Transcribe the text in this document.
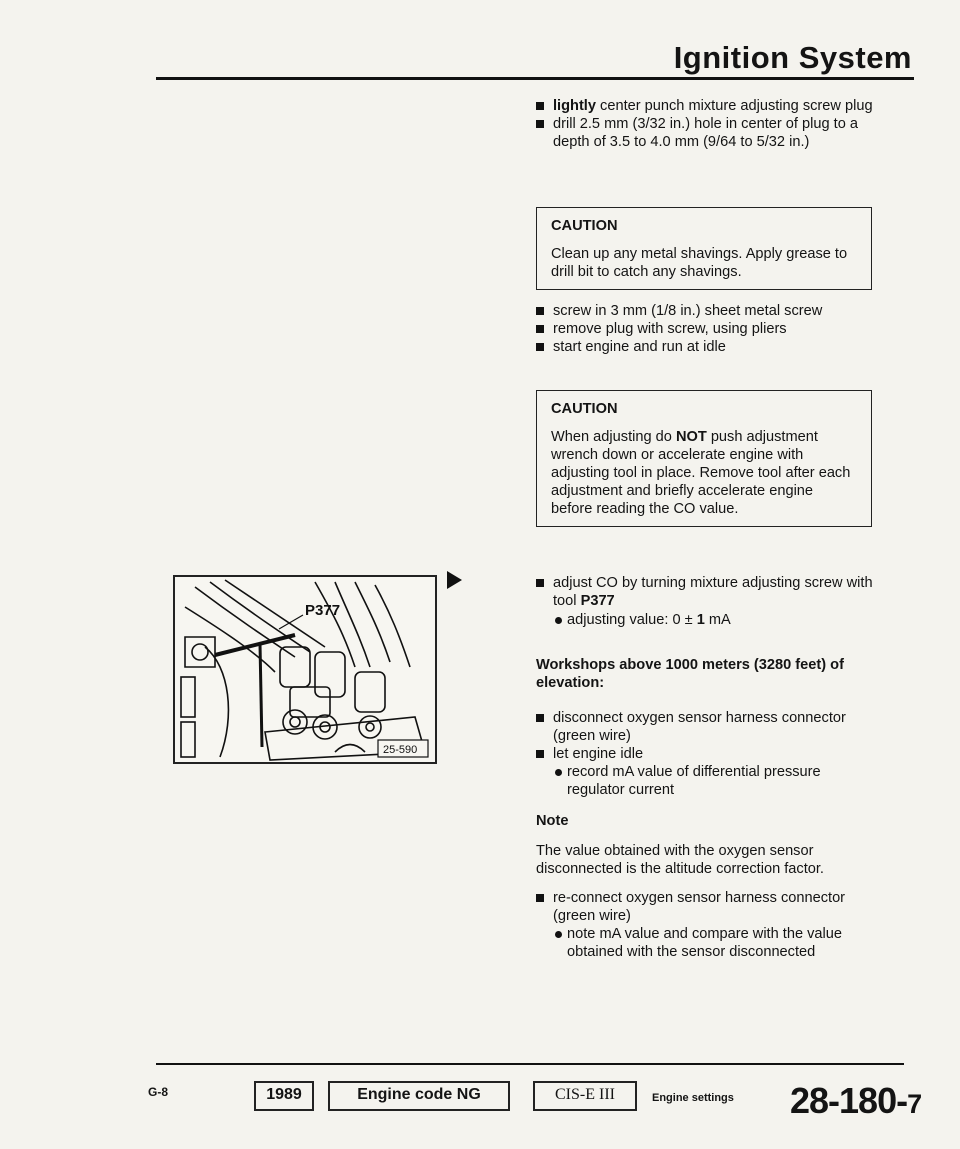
Ignition System
lightly center punch mixture adjusting screw plug
drill 2.5 mm (3/32 in.) hole in center of plug to a depth of 3.5 to 4.0 mm (9/64 to 5/32 in.)
CAUTION
Clean up any metal shavings. Apply grease to drill bit to catch any shavings.
screw in 3 mm (1/8 in.) sheet metal screw
remove plug with screw, using pliers
start engine and run at idle
CAUTION
When adjusting do NOT push adjustment wrench down or accelerate engine with adjusting tool in place. Remove tool after each adjustment and briefly accelerate engine before reading the CO value.
P377
25-590
adjust CO by turning mixture adjusting screw with tool P377
adjusting value: 0 ± 1 mA
Workshops above 1000 meters (3280 feet) of elevation:
disconnect oxygen sensor harness connector (green wire)
let engine idle
record mA value of differential pressure regulator current
Note
The value obtained with the oxygen sensor disconnected is the altitude correction factor.
re-connect oxygen sensor harness connector (green wire)
note mA value and compare with the value obtained with the sensor disconnected
G-8	1989	Engine code NG	CIS-E III	Engine settings 28-180-7
